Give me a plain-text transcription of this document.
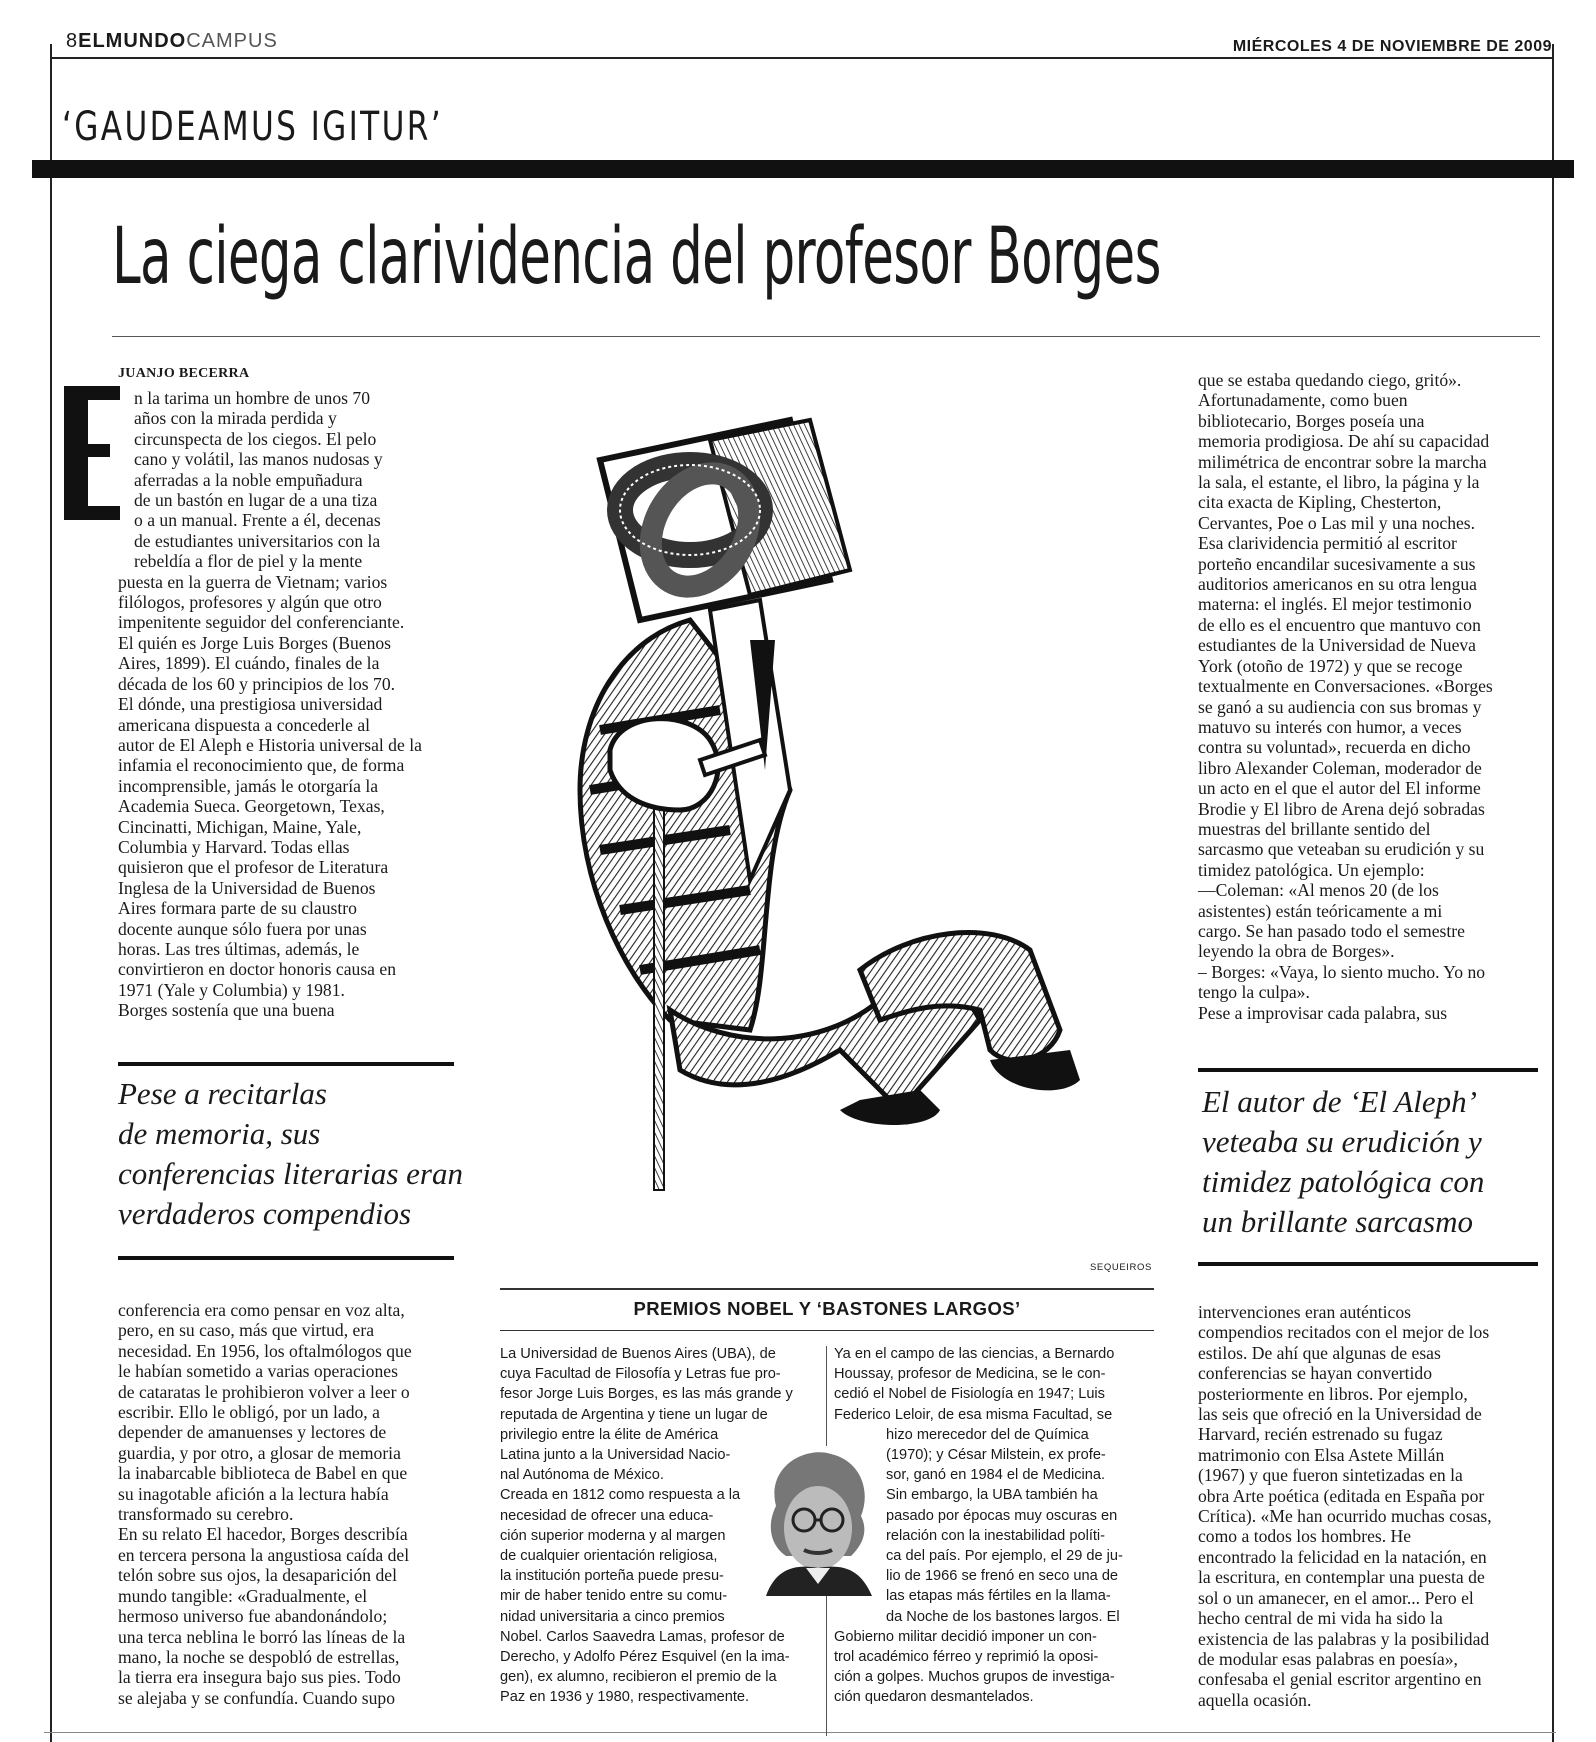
8ELMUNDOCAMPUS	MIÉRCOLES 4 DE NOVIEMBRE DE 2009
‘GAUDEAMUS IGITUR’
La ciega clarividencia del profesor Borges
JUANJO BECERRA

n la tarima un hombre de unos 70

años con la mirada perdida y

circunspecta de los ciegos. El pelo

cano y volátil, las manos nudosas y

aferradas a la noble empuñadura

de un bastón en lugar de a una tiza

o a un manual. Frente a él, decenas

de estudiantes universitarios con la

rebeldía a flor de piel y la mente

puesta en la guerra de Vietnam; varios

filólogos, profesores y algún que otro

impenitente seguidor del conferenciante.

El quién es Jorge Luis Borges (Buenos

Aires, 1899). El cuándo, finales de la

década de los 60 y principios de los 70.

El dónde, una prestigiosa universidad

americana dispuesta a concederle al

autor de El Aleph e Historia universal de la

infamia el reconocimiento que, de forma

incomprensible, jamás le otorgaría la

Academia Sueca. Georgetown, Texas,

Cincinatti, Michigan, Maine, Yale,

Columbia y Harvard. Todas ellas

quisieron que el profesor de Literatura

Inglesa de la Universidad de Buenos

Aires formara parte de su claustro

docente aunque sólo fuera por unas

horas. Las tres últimas, además, le

convirtieron en doctor honoris causa en

1971 (Yale y Columbia) y 1981.

Borges sostenía que una buena

Pese a recitarlas
de memoria, sus
conferencias literarias eran
verdaderos compendios

conferencia era como pensar en voz alta,

pero, en su caso, más que virtud, era

necesidad. En 1956, los oftalmólogos que

le habían sometido a varias operaciones

de cataratas le prohibieron volver a leer o

escribir. Ello le obligó, por un lado, a

depender de amanuenses y lectores de

guardia, y por otro, a glosar de memoria

la inabarcable biblioteca de Babel en que

su inagotable afición a la lectura había

transformado su cerebro.

En su relato El hacedor, Borges describía

en tercera persona la angustiosa caída del

telón sobre sus ojos, la desaparición del

mundo tangible: «Gradualmente, el

hermoso universo fue abandonándolo;

una terca neblina le borró las líneas de la

mano, la noche se despobló de estrellas,

la tierra era insegura bajo sus pies. Todo

se alejaba y se confundía. Cuando supo

El autor de ‘El Aleph’
veteaba su erudición y
timidez patológica con
un brillante sarcasmo
SEQUEIROS

que se estaba quedando ciego, gritó».

Afortunadamente, como buen

bibliotecario, Borges poseía una

memoria prodigiosa. De ahí su capacidad

milimétrica de encontrar sobre la marcha

la sala, el estante, el libro, la página y la

cita exacta de Kipling, Chesterton,

Cervantes, Poe o Las mil y una noches.

Esa clarividencia permitió al escritor

porteño encandilar sucesivamente a sus

auditorios americanos en su otra lengua

materna: el inglés. El mejor testimonio

de ello es el encuentro que mantuvo con

estudiantes de la Universidad de Nueva

York (otoño de 1972) y que se recoge

textualmente en Conversaciones. «Borges

se ganó a su audiencia con sus bromas y

matuvo su interés con humor, a veces

contra su voluntad», recuerda en dicho

libro Alexander Coleman, moderador de

un acto en el que el autor del El informe

Brodie y El libro de Arena dejó sobradas

muestras del brillante sentido del

sarcasmo que veteaban su erudición y su

timidez patológica. Un ejemplo:

—Coleman: «Al menos 20 (de los

asistentes) están teóricamente a mi

cargo. Se han pasado todo el semestre

leyendo la obra de Borges».

– Borges: «Vaya, lo siento mucho. Yo no

tengo la culpa».

Pese a improvisar cada palabra, sus

intervenciones eran auténticos

compendios recitados con el mejor de los

estilos. De ahí que algunas de esas

conferencias se hayan convertido

posteriormente en libros. Por ejemplo,

las seis que ofreció en la Universidad de

Harvard, recién estrenado su fugaz

matrimonio con Elsa Astete Millán

(1967) y que fueron sintetizadas en la

obra Arte poética (editada en España por

Crítica). «Me han ocurrido muchas cosas,

como a todos los hombres. He

encontrado la felicidad en la natación, en

la escritura, en contemplar una puesta de

sol o un amanecer, en el amor... Pero el

hecho central de mi vida ha sido la

existencia de las palabras y la posibilidad

de modular esas palabras en poesía»,

confesaba el genial escritor argentino en

aquella ocasión.

PREMIOS NOBEL Y ‘BASTONES LARGOS’
La Universidad de Buenos Aires (UBA), de
cuya Facultad de Filosofía y Letras fue pro-
fesor Jorge Luis Borges, es las más grande y
reputada de Argentina y tiene un lugar de
privilegio entre la élite de América
Latina junto a la Universidad Nacio-
nal Autónoma de México.
Creada en 1812 como respuesta a la
necesidad de ofrecer una educa-
ción superior moderna y al margen
de cualquier orientación religiosa,
la institución porteña puede presu-
mir de haber tenido entre su comu-
nidad universitaria a cinco premios
Nobel. Carlos Saavedra Lamas, profesor de
Derecho, y Adolfo Pérez Esquivel (en la ima-
gen), ex alumno, recibieron el premio de la
Paz en 1936 y 1980, respectivamente.
Ya en el campo de las ciencias, a Bernardo
Houssay, profesor de Medicina, se le con-
cedió el Nobel de Fisiología en 1947; Luis
Federico Leloir, de esa misma Facultad, se
hizo merecedor del de Química
(1970); y César Milstein, ex profe-
sor, ganó en 1984 el de Medicina.
Sin embargo, la UBA también ha
pasado por épocas muy oscuras en
relación con la inestabilidad políti-
ca del país. Por ejemplo, el 29 de ju-
lio de 1966 se frenó en seco una de
las etapas más fértiles en la llama-
da Noche de los bastones largos. El
Gobierno militar decidió imponer un con-
trol académico férreo y reprimió la oposi-
ción a golpes. Muchos grupos de investiga-
ción quedaron desmantelados.
